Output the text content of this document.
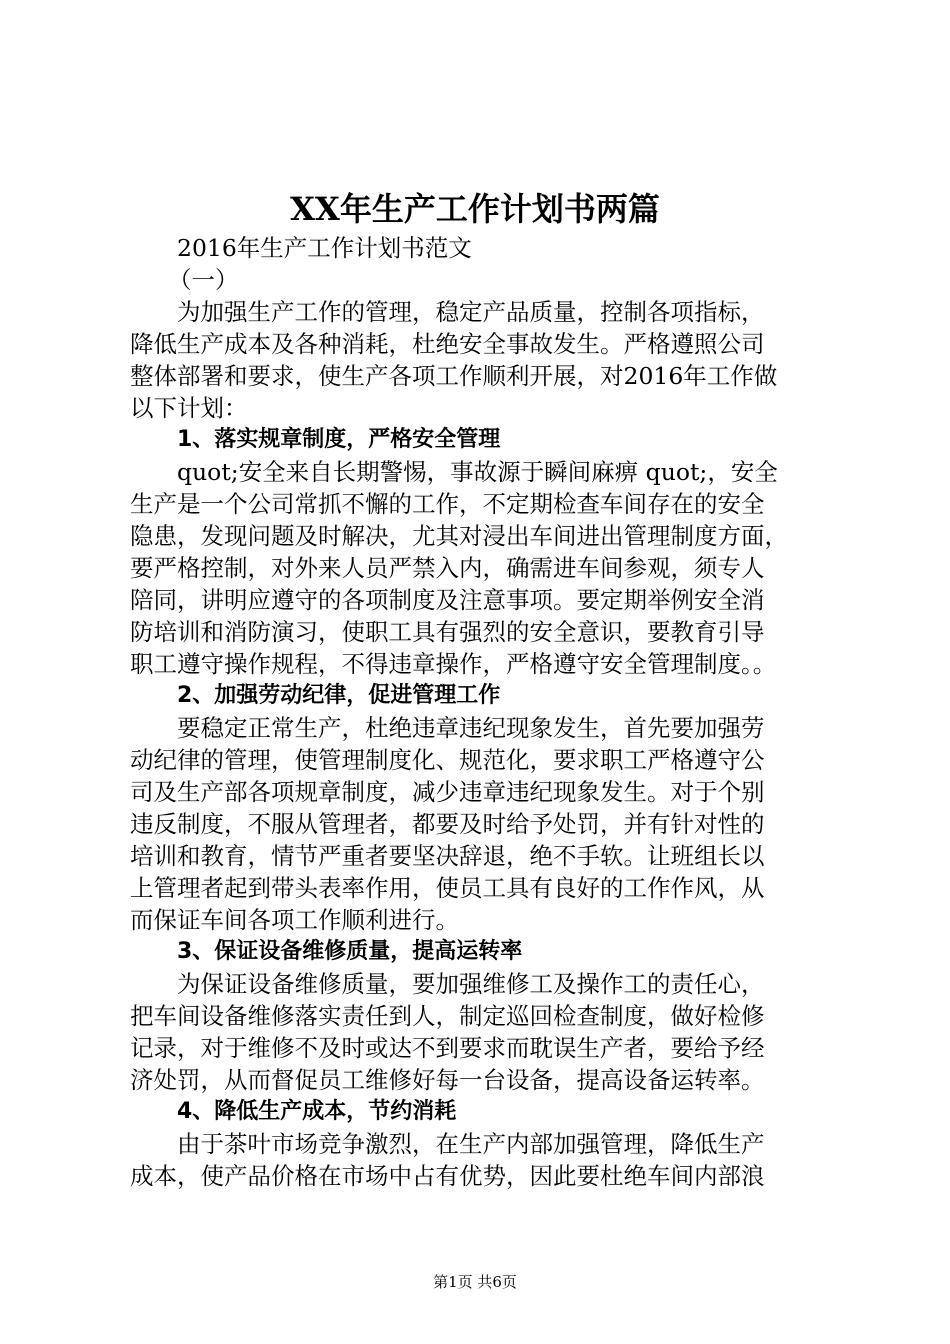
XX年生产工作计划书两篇
2016年生产工作计划书范文
（一）
为加强生产工作的管理，稳定产品质量，控制各项指标，
降低生产成本及各种消耗，杜绝安全事故发生。严格遵照公司
整体部署和要求，使生产各项工作顺利开展，对2016年工作做
以下计划：
1、落实规章制度，严格安全管理
quot;安全来自长期警惕，事故源于瞬间麻痹 quot;，安全
生产是一个公司常抓不懈的工作，不定期检查车间存在的安全
隐患，发现问题及时解决，尤其对浸出车间进出管理制度方面，
要严格控制，对外来人员严禁入内，确需进车间参观，须专人
陪同，讲明应遵守的各项制度及注意事项。要定期举例安全消
防培训和消防演习，使职工具有强烈的安全意识，要教育引导
职工遵守操作规程，不得违章操作，严格遵守安全管理制度。。
2、加强劳动纪律，促进管理工作
要稳定正常生产，杜绝违章违纪现象发生，首先要加强劳
动纪律的管理，使管理制度化、规范化，要求职工严格遵守公
司及生产部各项规章制度，减少违章违纪现象发生。对于个别
违反制度，不服从管理者，都要及时给予处罚，并有针对性的
培训和教育，情节严重者要坚决辞退，绝不手软。让班组长以
上管理者起到带头表率作用，使员工具有良好的工作作风，从
而保证车间各项工作顺利进行。
3、保证设备维修质量，提高运转率
为保证设备维修质量，要加强维修工及操作工的责任心，
把车间设备维修落实责任到人，制定巡回检查制度，做好检修
记录，对于维修不及时或达不到要求而耽误生产者，要给予经
济处罚，从而督促员工维修好每一台设备，提高设备运转率。
4、降低生产成本，节约消耗
由于茶叶市场竞争激烈，在生产内部加强管理，降低生产
成本，使产品价格在市场中占有优势，因此要杜绝车间内部浪
第1页 共6页
